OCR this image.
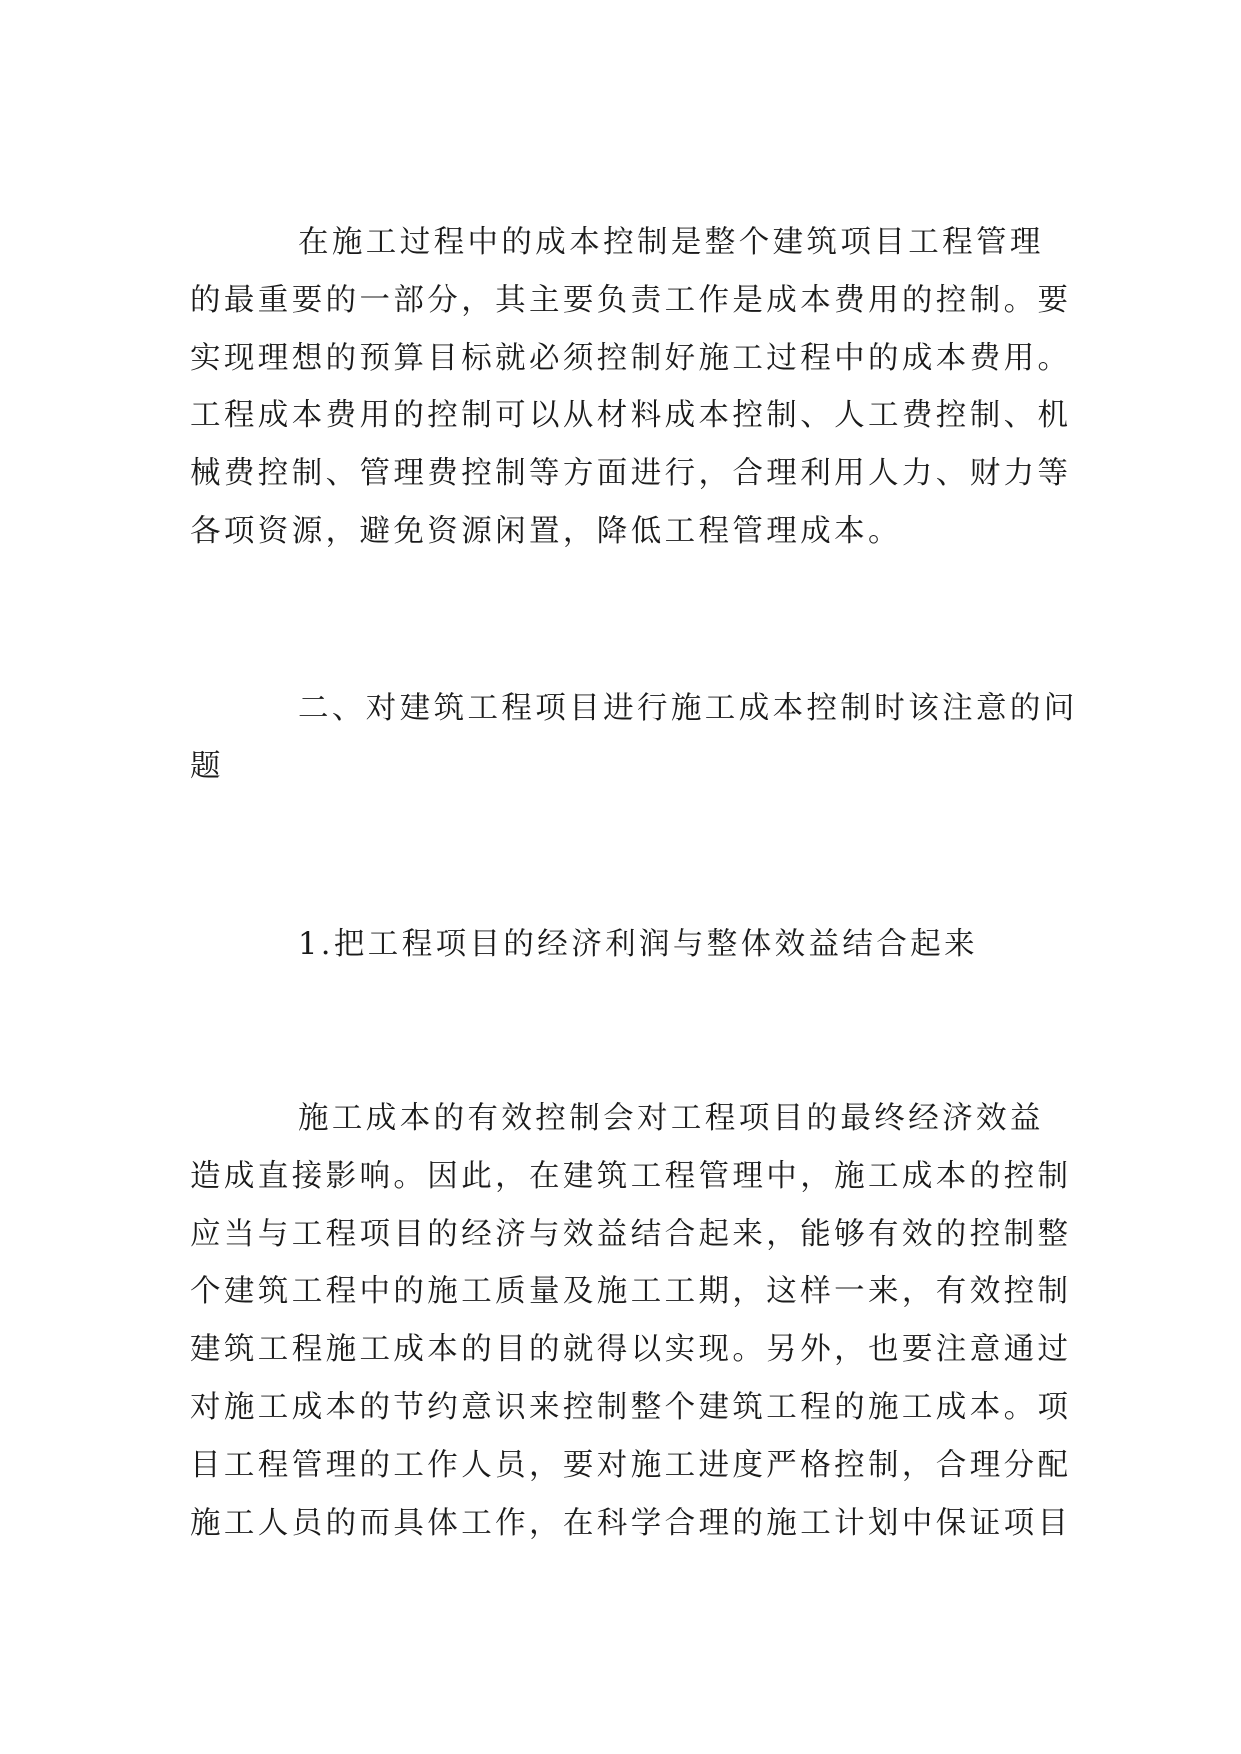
在施工过程中的成本控制是整个建筑项目工程管理
的最重要的一部分，其主要负责工作是成本费用的控制。要
实现理想的预算目标就必须控制好施工过程中的成本费用。
工程成本费用的控制可以从材料成本控制、人工费控制、机
械费控制、管理费控制等方面进行，合理利用人力、财力等
各项资源，避免资源闲置，降低工程管理成本。
二、对建筑工程项目进行施工成本控制时该注意的问
题
1.把工程项目的经济利润与整体效益结合起来
施工成本的有效控制会对工程项目的最终经济效益
造成直接影响。因此，在建筑工程管理中，施工成本的控制
应当与工程项目的经济与效益结合起来，能够有效的控制整
个建筑工程中的施工质量及施工工期，这样一来，有效控制
建筑工程施工成本的目的就得以实现。另外，也要注意通过
对施工成本的节约意识来控制整个建筑工程的施工成本。项
目工程管理的工作人员，要对施工进度严格控制，合理分配
施工人员的而具体工作，在科学合理的施工计划中保证项目
